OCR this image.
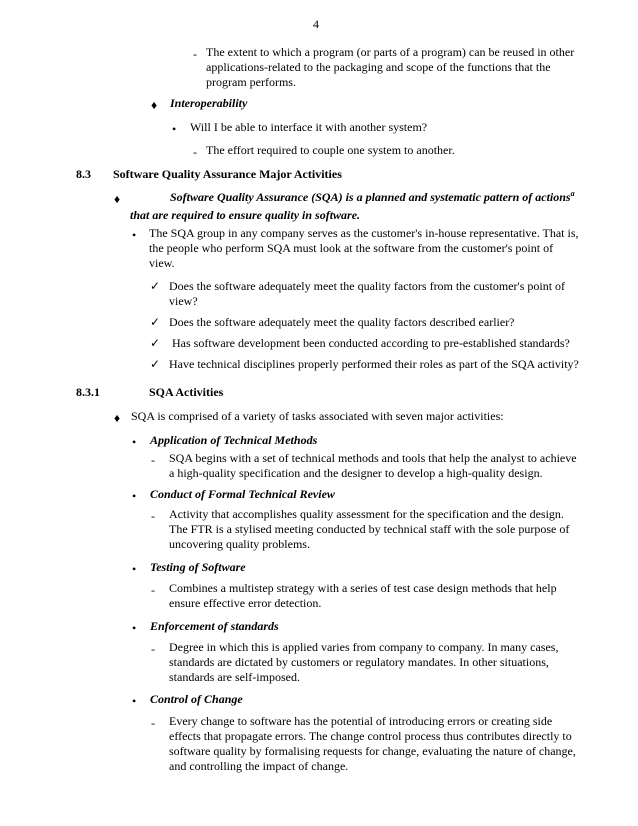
4
- The extent to which a program (or parts of a program) can be reused in other
applications-related to the packaging and scope of the functions that the
program performs.
♦ Interoperability
• Will I be able to interface it with another system?
- The effort required to couple one system to another.
8.3 Software Quality Assurance Major Activities
♦	Software Quality Assurance (SQA) is a planned and systematic pattern of actions$^a$
that are required to ensure quality in software.
• The SQA group in any company serves as the customer's in-house representative. That is,
the people who perform SQA must look at the software from the customer's point of
view.
✓ Does the software adequately meet the quality factors from the customer's point of
view?
✓ Does the software adequately meet the quality factors described earlier?
✓ Has software development been conducted according to pre-established standards?
✓ Have technical disciplines properly performed their roles as part of the SQA activity?
8.3.1	SQA Activities
♦ SQA is comprised of a variety of tasks associated with seven major activities:
• Application of Technical Methods
- SQA begins with a set of technical methods and tools that help the analyst to achieve
a high-quality specification and the designer to develop a high-quality design.
• Conduct of Formal Technical Review
- Activity that accomplishes quality assessment for the specification and the design.
The FTR is a stylised meeting conducted by technical staff with the sole purpose of
uncovering quality problems.
• Testing of Software
- Combines a multistep strategy with a series of test case design methods that help
ensure effective error detection.
• Enforcement of standards
- Degree in which this is applied varies from company to company. In many cases,
standards are dictated by customers or regulatory mandates. In other situations,
standards are self-imposed.
• Control of Change
- Every change to software has the potential of introducing errors or creating side
effects that propagate errors. The change control process thus contributes directly to
software quality by formalising requests for change, evaluating the nature of change,
and controlling the impact of change.
